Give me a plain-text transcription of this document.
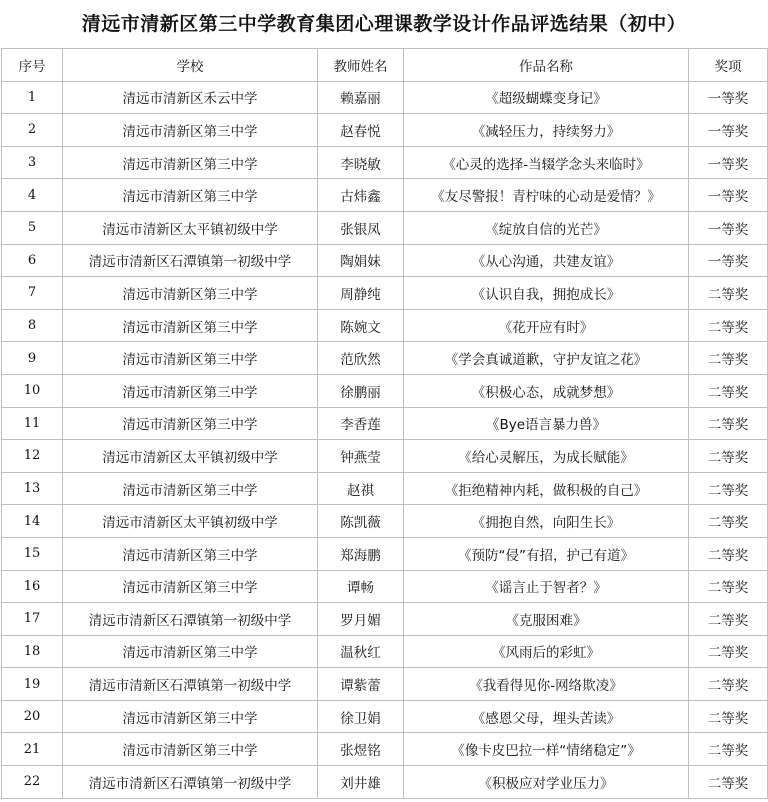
清远市清新区第三中学教育集团心理课教学设计作品评选结果（初中）
序号	学校	教师姓名	作品名称	奖项
1	清远市清新区禾云中学	赖嘉丽	《超级蝴蝶变身记》	一等奖
2	清远市清新区第三中学	赵春悦	《减轻压力，持续努力》	一等奖
3	清远市清新区第三中学	李晓敏	《心灵的选择-当辍学念头来临时》	一等奖
4	清远市清新区第三中学	古炜鑫	《友尽警报！青柠味的心动是爱情？》	一等奖
5	清远市清新区太平镇初级中学	张银凤	《绽放自信的光芒》	一等奖
6	清远市清新区石潭镇第一初级中学	陶娟妹	《从心沟通，共建友谊》	一等奖
7	清远市清新区第三中学	周静纯	《认识自我，拥抱成长》	二等奖
8	清远市清新区第三中学	陈婉文	《花开应有时》	二等奖
9	清远市清新区第三中学	范欣然	《学会真诚道歉，守护友谊之花》	二等奖
10	清远市清新区第三中学	徐鹏丽	《积极心态，成就梦想》	二等奖
11	清远市清新区第三中学	李香莲	《Bye语言暴力兽》	二等奖
12	清远市清新区太平镇初级中学	钟燕莹	《给心灵解压，为成长赋能》	二等奖
13	清远市清新区第三中学	赵祺	《拒绝精神内耗，做积极的自己》	二等奖
14	清远市清新区太平镇初级中学	陈凯薇	《拥抱自然，向阳生长》	二等奖
15	清远市清新区第三中学	郑海鹏	《预防“侵”有招，护己有道》	二等奖
16	清远市清新区第三中学	谭畅	《谣言止于智者？》	二等奖
17	清远市清新区石潭镇第一初级中学	罗月媚	《克服困难》	二等奖
18	清远市清新区第三中学	温秋红	《风雨后的彩虹》	二等奖
19	清远市清新区石潭镇第一初级中学	谭紫蕾	《我看得见你-网络欺凌》	二等奖
20	清远市清新区第三中学	徐卫娟	《感恩父母，埋头苦读》	二等奖
21	清远市清新区第三中学	张煜铭	《像卡皮巴拉一样“情绪稳定”》	二等奖
22	清远市清新区石潭镇第一初级中学	刘井雄	《积极应对学业压力》	二等奖
